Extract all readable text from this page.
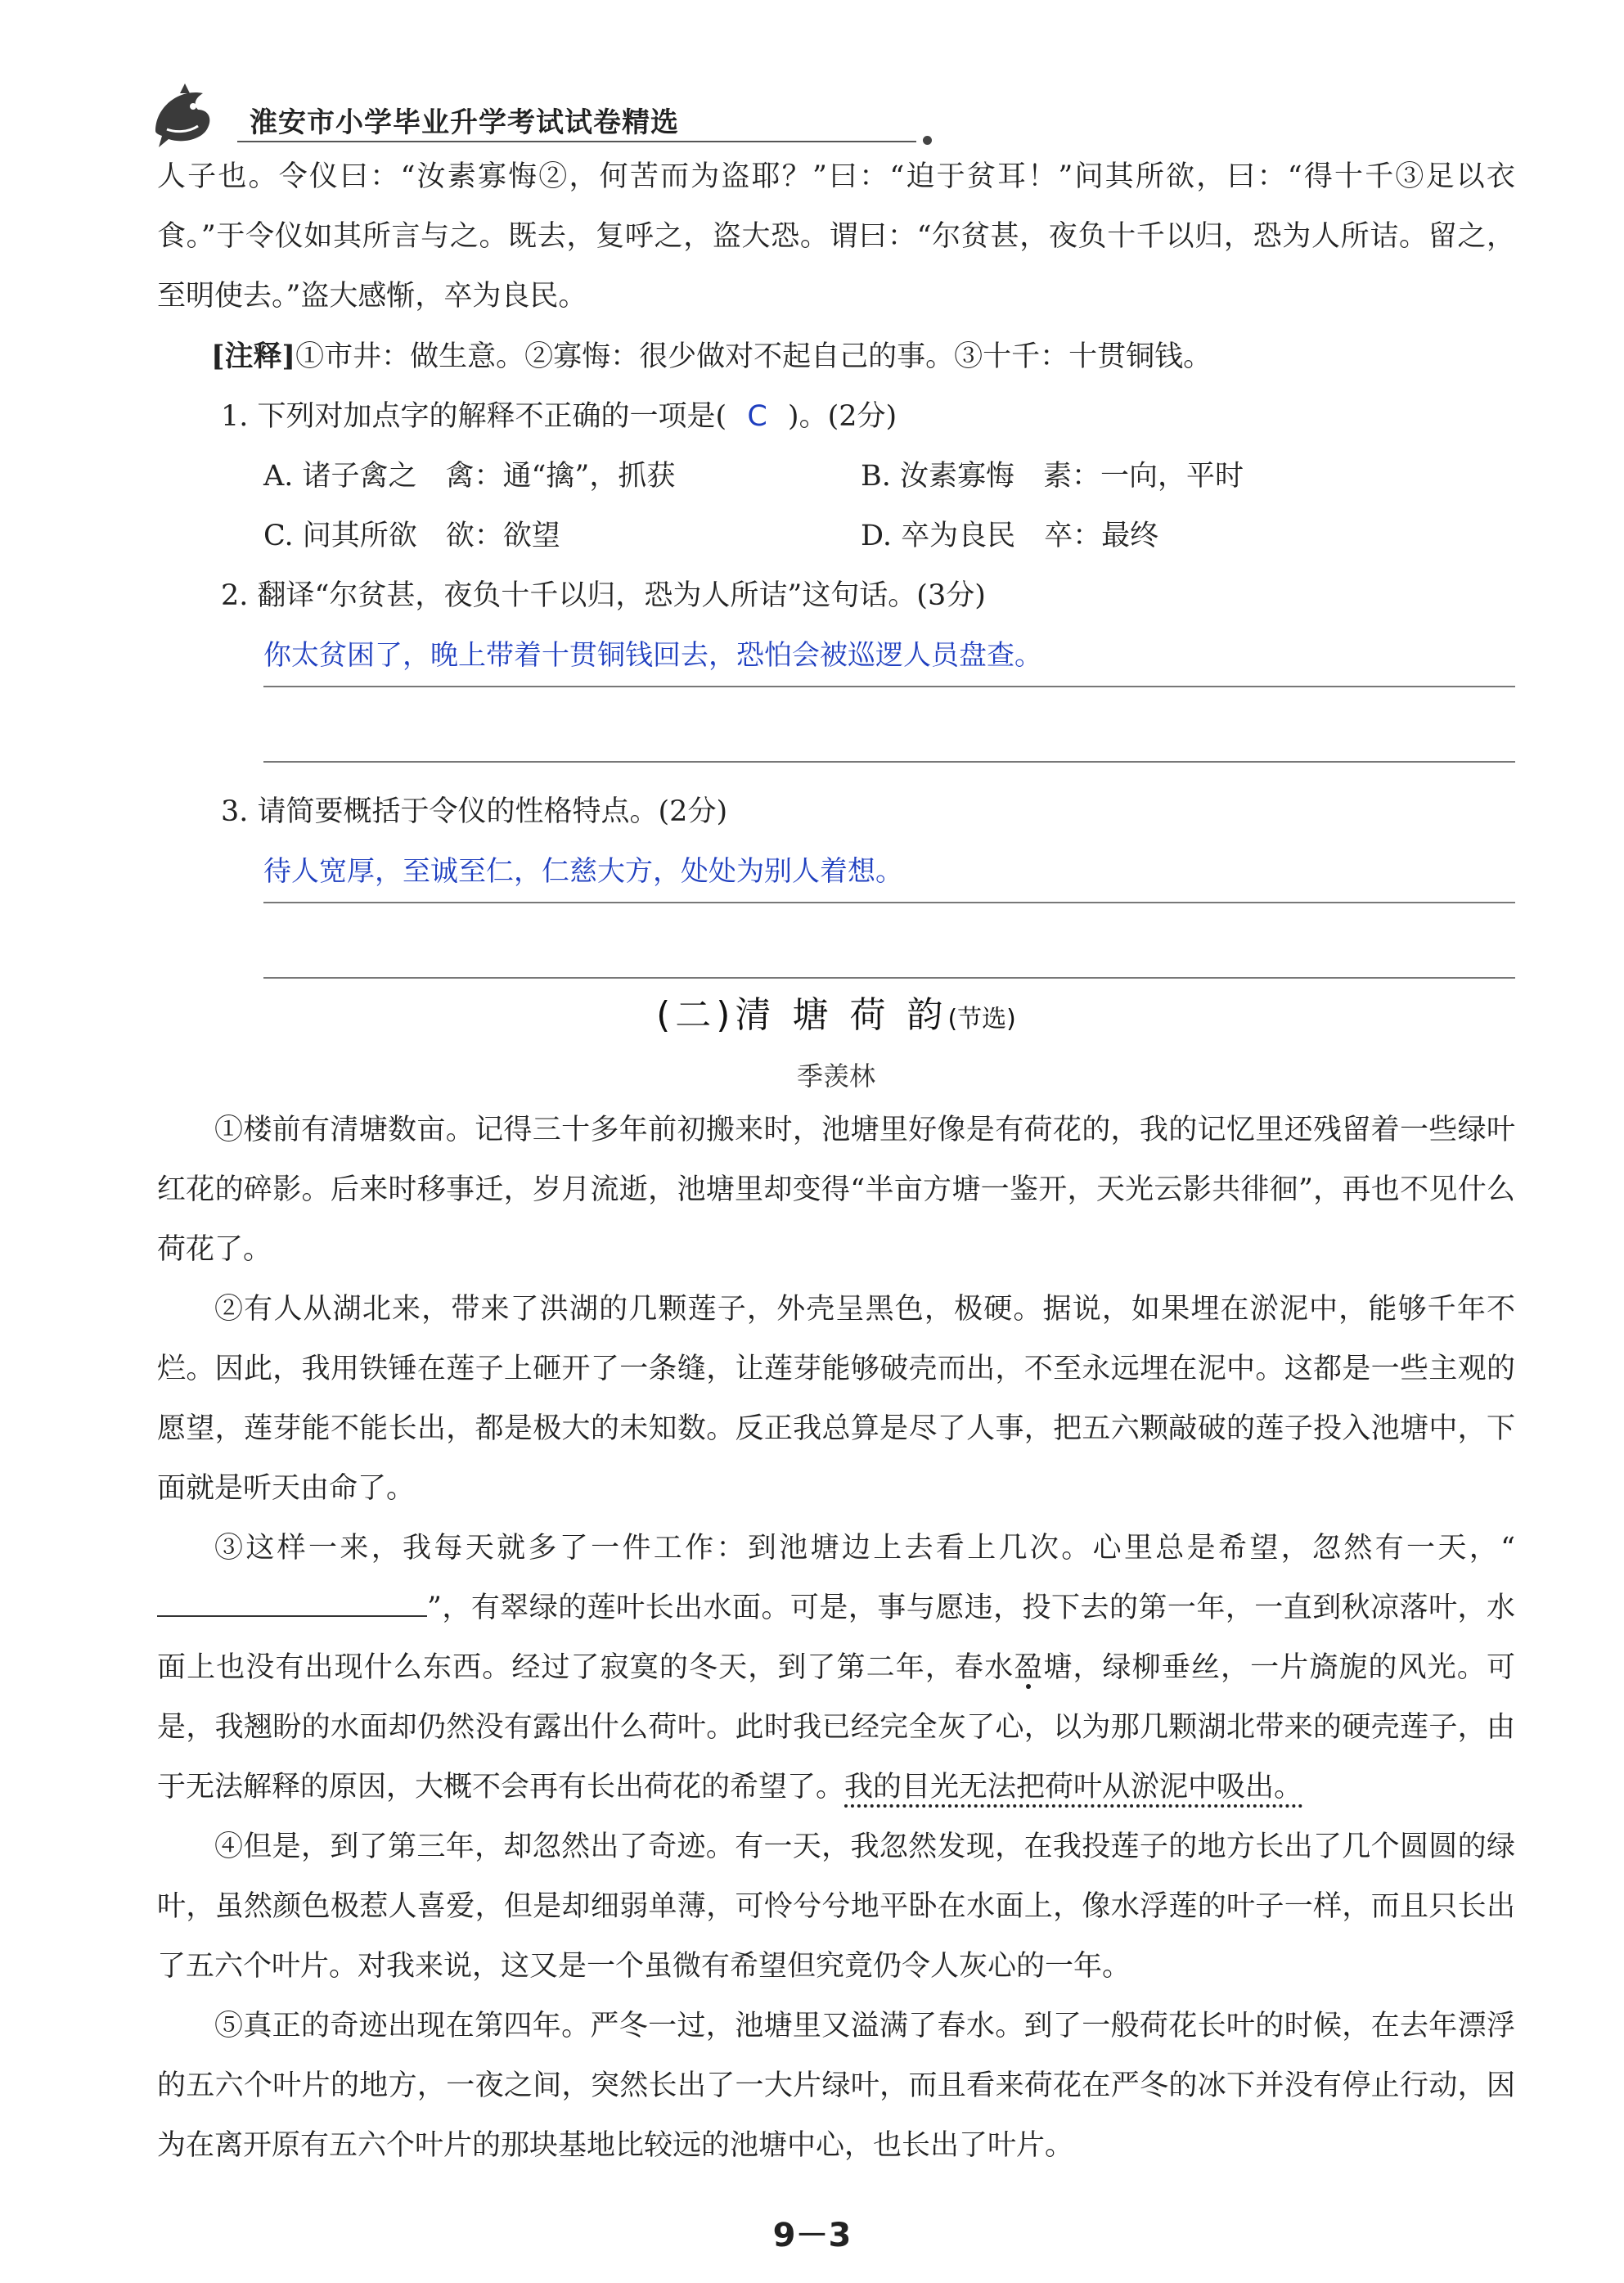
淮安市小学毕业升学考试试卷精选

人子也。令仪曰：“汝素寡悔②，何苦而为盗耶？”曰：“迫于贫耳！”问其所欲，曰：“得十千③足以衣食。”于令仪如其所言与之。既去，复呼之，盗大恐。谓曰：“尔贫甚，夜负十千以归，恐为人所诘。留之，至明使去。”盗大感惭，卒为良民。

[注释]①市井：做生意。②寡悔：很少做对不起自己的事。③十千：十贯铜钱。

1. 下列对加点字的解释不正确的一项是( C )。(2分)

A. 诸子禽之　禽：通“擒”，抓获	B. 汝素寡悔　素：一向，平时
C. 问其所欲　欲：欲望	D. 卒为良民　卒：最终

2. 翻译“尔贫甚，夜负十千以归，恐为人所诘”这句话。(3分)

你太贫困了，晚上带着十贯铜钱回去，恐怕会被巡逻人员盘查。

3. 请简要概括于令仪的性格特点。(2分)

待人宽厚，至诚至仁，仁慈大方，处处为别人着想。

(二)清 塘 荷 韵(节选)
季羡林

①楼前有清塘数亩。记得三十多年前初搬来时，池塘里好像是有荷花的，我的记忆里还残留着一些绿叶红花的碎影。后来时移事迁，岁月流逝，池塘里却变得“半亩方塘一鉴开，天光云影共徘徊”，再也不见什么荷花了。

②有人从湖北来，带来了洪湖的几颗莲子，外壳呈黑色，极硬。据说，如果埋在淤泥中，能够千年不烂。因此，我用铁锤在莲子上砸开了一条缝，让莲芽能够破壳而出，不至永远埋在泥中。这都是一些主观的愿望，莲芽能不能长出，都是极大的未知数。反正我总算是尽了人事，把五六颗敲破的莲子投入池塘中，下面就是听天由命了。

③这样一来，我每天就多了一件工作：到池塘边上去看上几次。心里总是希望，忽然有一天，“”，有翠绿的莲叶长出水面。可是，事与愿违，投下去的第一年，一直到秋凉落叶，水面上也没有出现什么东西。经过了寂寞的冬天，到了第二年，春水盈塘，绿柳垂丝，一片旖旎的风光。可是，我翘盼的水面却仍然没有露出什么荷叶。此时我已经完全灰了心，以为那几颗湖北带来的硬壳莲子，由于无法解释的原因，大概不会再有长出荷花的希望了。我的目光无法把荷叶从淤泥中吸出。

④但是，到了第三年，却忽然出了奇迹。有一天，我忽然发现，在我投莲子的地方长出了几个圆圆的绿叶，虽然颜色极惹人喜爱，但是却细弱单薄，可怜兮兮地平卧在水面上，像水浮莲的叶子一样，而且只长出了五六个叶片。对我来说，这又是一个虽微有希望但究竟仍令人灰心的一年。

⑤真正的奇迹出现在第四年。严冬一过，池塘里又溢满了春水。到了一般荷花长叶的时候，在去年漂浮的五六个叶片的地方，一夜之间，突然长出了一大片绿叶，而且看来荷花在严冬的冰下并没有停止行动，因为在离开原有五六个叶片的那块基地比较远的池塘中心，也长出了叶片。

9－3
